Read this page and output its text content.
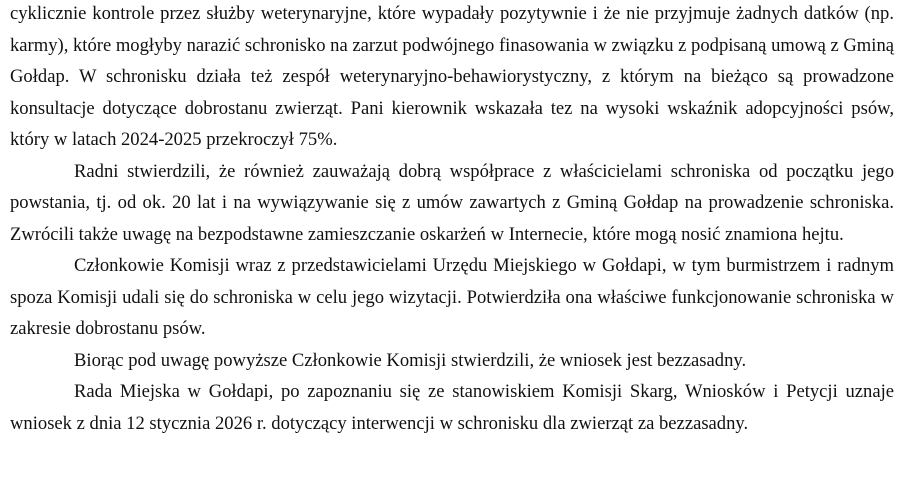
cyklicznie kontrole przez służby weterynaryjne, które wypadały pozytywnie i że nie przyjmuje żadnych datków (np. karmy), które mogłyby narazić schronisko na zarzut podwójnego finasowania w związku z podpisaną umową z Gminą Gołdap. W schronisku działa też zespół weterynaryjno-behawiorystyczny, z którym na bieżąco są prowadzone konsultacje dotyczące dobrostanu zwierząt. Pani kierownik wskazała tez na wysoki wskaźnik adopcyjności psów, który w latach 2024-2025 przekroczył 75%.

Radni stwierdzili, że również zauważają dobrą współprace z właścicielami schroniska od początku jego powstania, tj. od ok. 20 lat i na wywiązywanie się z umów zawartych z Gminą Gołdap na prowadzenie schroniska. Zwrócili także uwagę na bezpodstawne zamieszczanie oskarżeń w Internecie, które mogą nosić znamiona hejtu.

Członkowie Komisji wraz z przedstawicielami Urzędu Miejskiego w Gołdapi, w tym burmistrzem i radnym spoza Komisji udali się do schroniska w celu jego wizytacji. Potwierdziła ona właściwe funkcjonowanie schroniska w zakresie dobrostanu psów.

Biorąc pod uwagę powyższe Członkowie Komisji stwierdzili, że wniosek jest bezzasadny.

Rada Miejska w Gołdapi, po zapoznaniu się ze stanowiskiem Komisji Skarg, Wniosków i Petycji uznaje wniosek z dnia 12 stycznia 2026 r. dotyczący interwencji w schronisku dla zwierząt za bezzasadny.
